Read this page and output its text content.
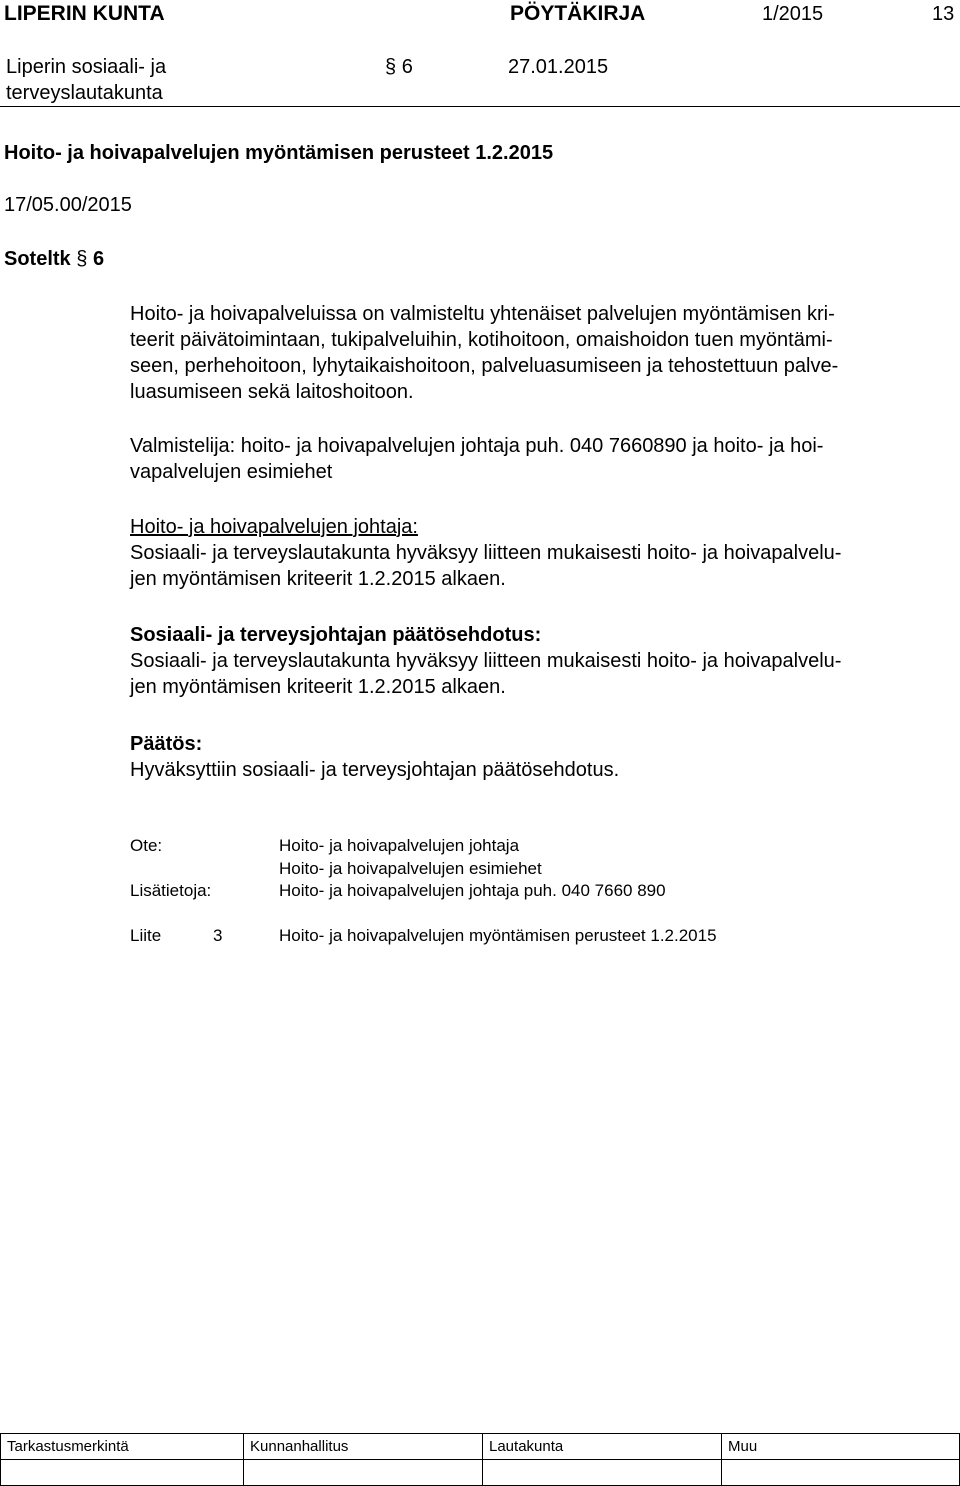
LIPERIN KUNTA	PÖYTÄKIRJA	1/2015	13
Liperin sosiaali- ja
terveyslautakunta
§ 6	27.01.2015
Hoito- ja hoivapalvelujen myöntämisen perusteet 1.2.2015
17/05.00/2015
Soteltk § 6
Hoito- ja hoivapalveluissa on valmisteltu yhtenäiset palvelujen myöntämisen kri-
teerit päivätoimintaan, tukipalveluihin, kotihoitoon, omaishoidon tuen myöntämi-
seen, perhehoitoon, lyhytaikaishoitoon, palveluasumiseen ja tehostettuun palve-
luasumiseen sekä laitoshoitoon.
Valmistelija: hoito- ja hoivapalvelujen johtaja puh. 040 7660890 ja hoito- ja hoi-
vapalvelujen esimiehet
Hoito- ja hoivapalvelujen johtaja:
Sosiaali- ja terveyslautakunta hyväksyy liitteen mukaisesti hoito- ja hoivapalvelu-
jen myöntämisen kriteerit 1.2.2015 alkaen.
Sosiaali- ja terveysjohtajan päätösehdotus:
Sosiaali- ja terveyslautakunta hyväksyy liitteen mukaisesti hoito- ja hoivapalvelu-
jen myöntämisen kriteerit 1.2.2015 alkaen.
Päätös:
Hyväksyttiin sosiaali- ja terveysjohtajan päätösehdotus.
Ote:	Hoito- ja hoivapalvelujen johtaja
Hoito- ja hoivapalvelujen esimiehet
Lisätietoja:	Hoito- ja hoivapalvelujen johtaja puh. 040 7660 890
Liite	3	Hoito- ja hoivapalvelujen myöntämisen perusteet 1.2.2015
Tarkastusmerkintä	Kunnanhallitus	Lautakunta	Muu
